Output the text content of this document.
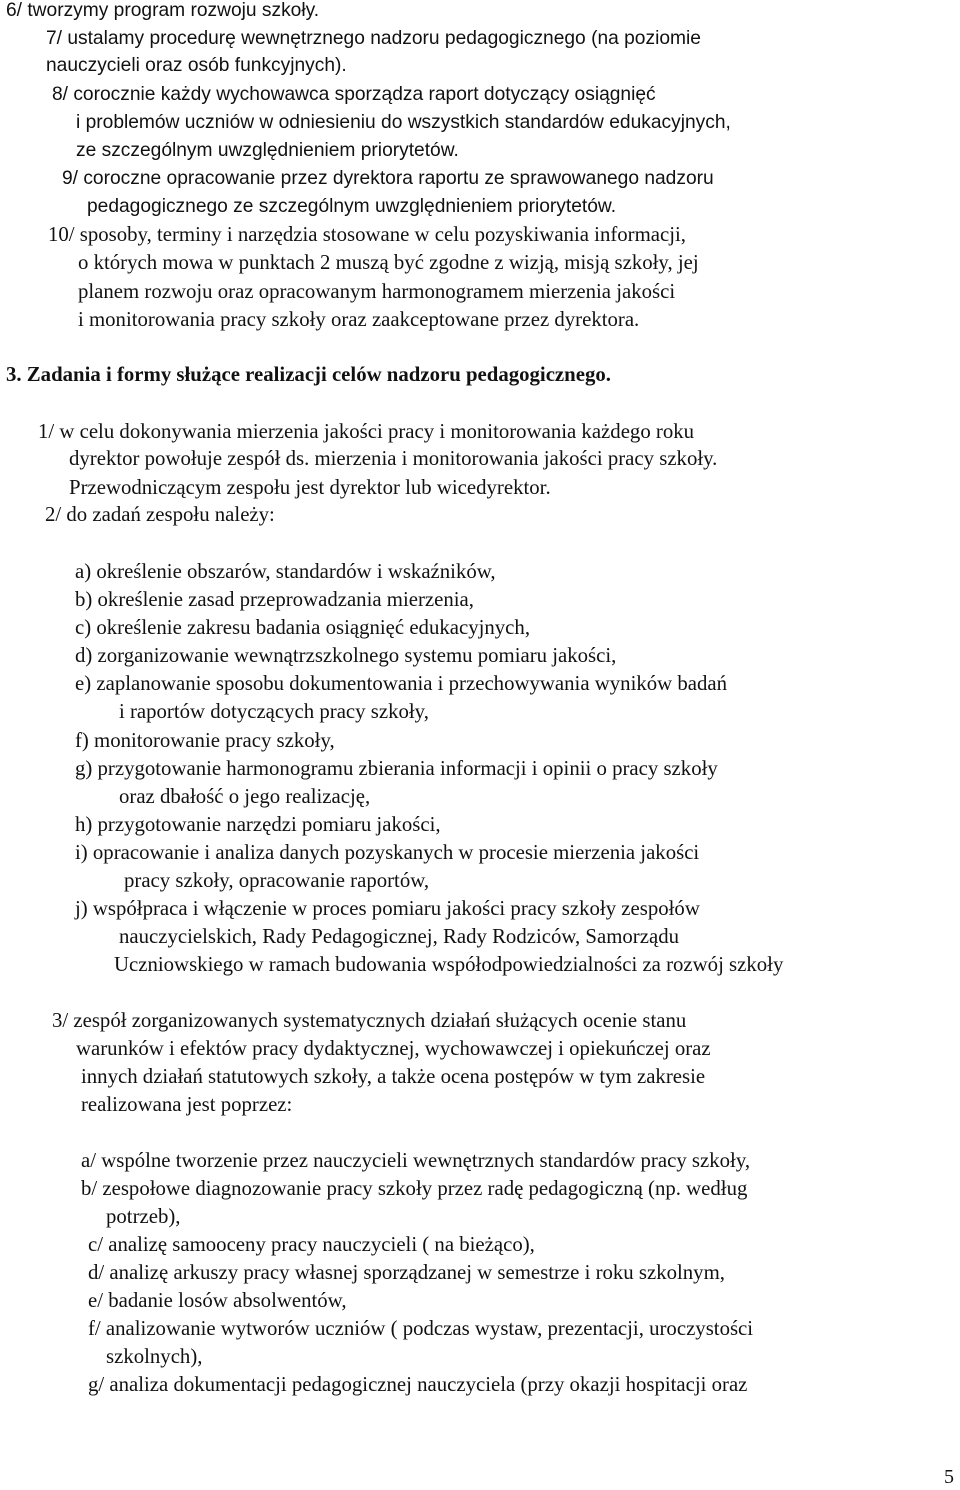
6/ tworzymy program rozwoju szkoły.
7/ ustalamy procedurę wewnętrznego nadzoru pedagogicznego (na poziomie
nauczycieli oraz osób funkcyjnych).
8/ corocznie każdy wychowawca sporządza raport dotyczący osiągnięć
i problemów uczniów w odniesieniu do wszystkich standardów edukacyjnych,
ze szczególnym uwzględnieniem priorytetów.
9/ coroczne opracowanie przez dyrektora raportu ze sprawowanego nadzoru
pedagogicznego ze szczególnym uwzględnieniem priorytetów.
10/ sposoby, terminy i narzędzia stosowane w celu pozyskiwania informacji,
o których mowa w punktach 2 muszą być zgodne z wizją, misją szkoły, jej
planem rozwoju oraz opracowanym harmonogramem mierzenia jakości
i monitorowania pracy szkoły oraz zaakceptowane przez dyrektora.
3. Zadania i formy służące realizacji celów nadzoru pedagogicznego.
1/ w celu dokonywania mierzenia jakości pracy i monitorowania każdego roku
dyrektor powołuje zespół ds. mierzenia i monitorowania jakości pracy szkoły.
Przewodniczącym zespołu jest dyrektor lub wicedyrektor.
2/ do zadań zespołu należy:
a) określenie obszarów, standardów i wskaźników,
b) określenie zasad przeprowadzania mierzenia,
c) określenie zakresu badania osiągnięć edukacyjnych,
d) zorganizowanie wewnątrzszkolnego systemu pomiaru jakości,
e) zaplanowanie sposobu dokumentowania i przechowywania wyników badań
i raportów dotyczących pracy szkoły,
f) monitorowanie pracy szkoły,
g) przygotowanie harmonogramu zbierania informacji i opinii o pracy szkoły
oraz dbałość o jego realizację,
h) przygotowanie narzędzi pomiaru jakości,
i) opracowanie i analiza danych pozyskanych w procesie mierzenia jakości
pracy szkoły, opracowanie raportów,
j) współpraca i włączenie w proces pomiaru jakości pracy szkoły zespołów
nauczycielskich, Rady Pedagogicznej, Rady Rodziców, Samorządu
Uczniowskiego w ramach budowania współodpowiedzialności za rozwój szkoły
3/ zespół zorganizowanych systematycznych działań służących ocenie stanu
warunków i efektów pracy dydaktycznej, wychowawczej i opiekuńczej oraz
innych działań statutowych szkoły, a także ocena postępów w tym zakresie
realizowana jest poprzez:
a/ wspólne tworzenie przez nauczycieli wewnętrznych standardów pracy szkoły,
b/ zespołowe diagnozowanie pracy szkoły przez radę pedagogiczną (np. według
potrzeb),
c/ analizę samooceny pracy nauczycieli ( na bieżąco),
d/ analizę arkuszy pracy własnej sporządzanej w semestrze i roku szkolnym,
e/ badanie losów absolwentów,
f/ analizowanie wytworów uczniów ( podczas wystaw, prezentacji, uroczystości
szkolnych),
g/ analiza dokumentacji pedagogicznej nauczyciela (przy okazji hospitacji oraz
5
